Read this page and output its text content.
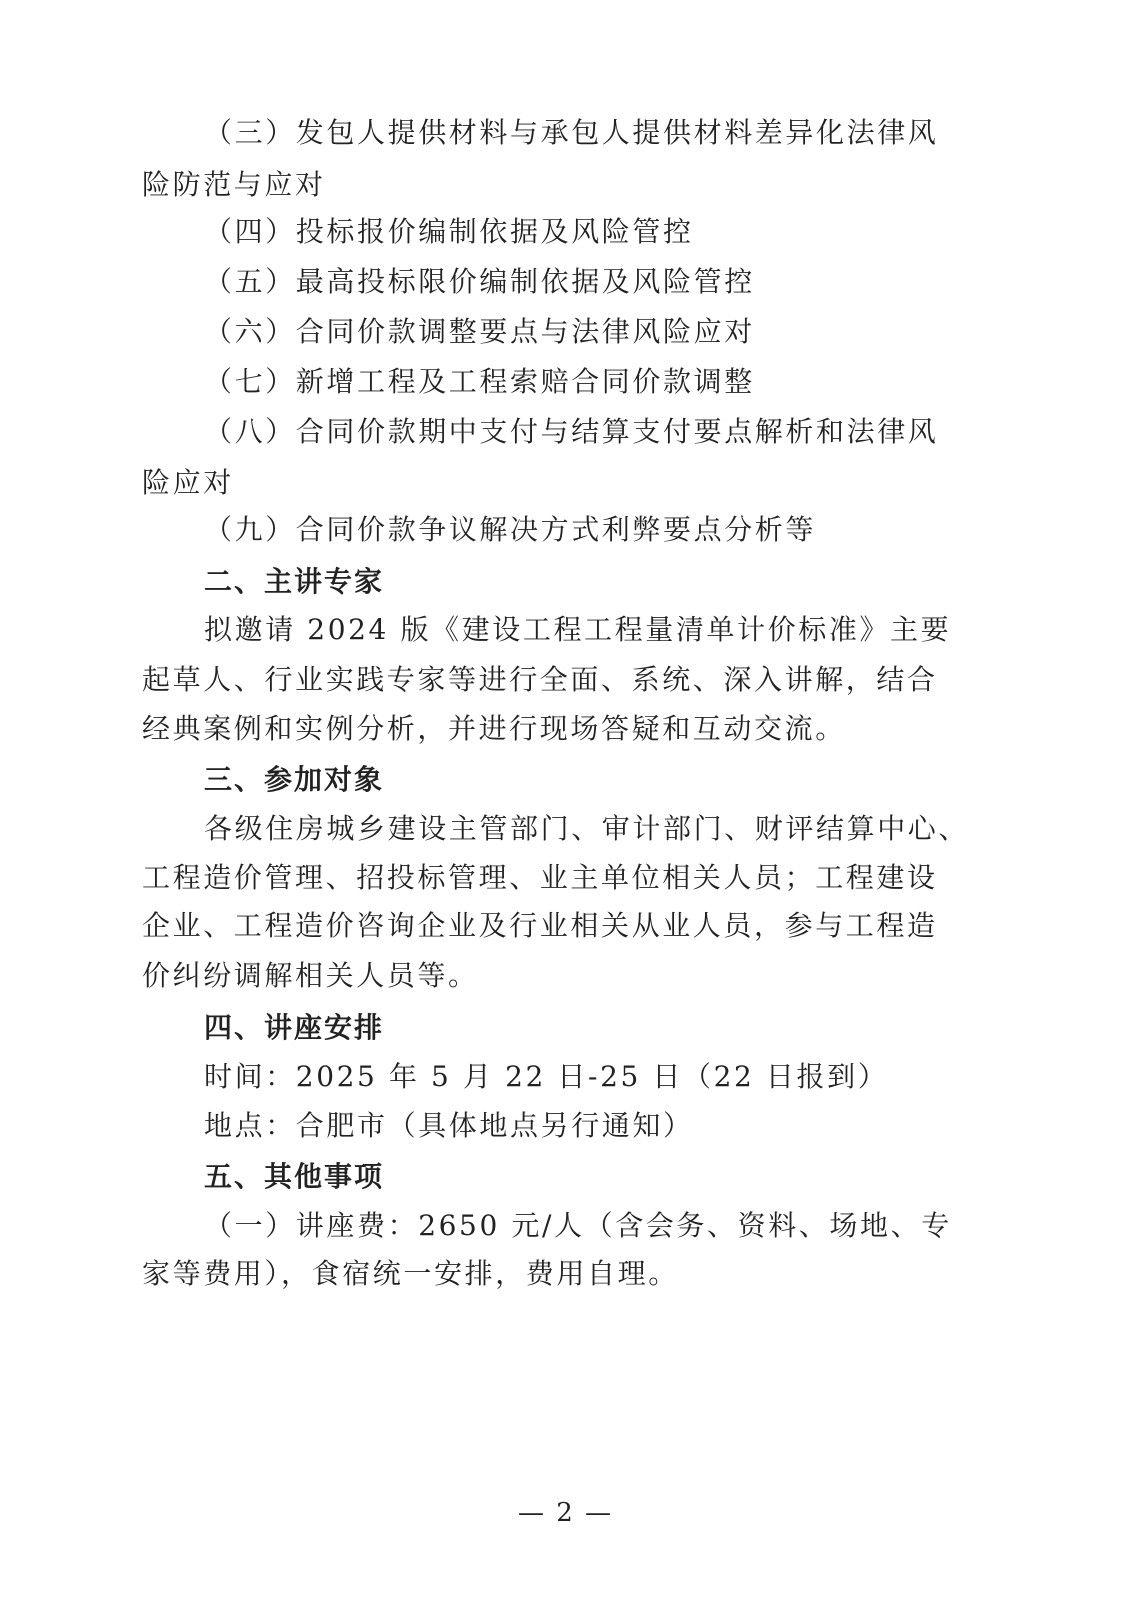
（三）发包人提供材料与承包人提供材料差异化法律风
险防范与应对
（四）投标报价编制依据及风险管控
（五）最高投标限价编制依据及风险管控
（六）合同价款调整要点与法律风险应对
（七）新增工程及工程索赔合同价款调整
（八）合同价款期中支付与结算支付要点解析和法律风
险应对
（九）合同价款争议解决方式利弊要点分析等
二、主讲专家
拟邀请 2024 版《建设工程工程量清单计价标准》主要
起草人、行业实践专家等进行全面、系统、深入讲解，结合
经典案例和实例分析，并进行现场答疑和互动交流。
三、参加对象
各级住房城乡建设主管部门、审计部门、财评结算中心、
工程造价管理、招投标管理、业主单位相关人员；工程建设
企业、工程造价咨询企业及行业相关从业人员，参与工程造
价纠纷调解相关人员等。
四、讲座安排
时间：2025 年 5 月 22 日-25 日（22 日报到）
地点：合肥市（具体地点另行通知）
五、其他事项
（一）讲座费：2650 元/人（含会务、资料、场地、专
家等费用），食宿统一安排，费用自理。
— 2 —
